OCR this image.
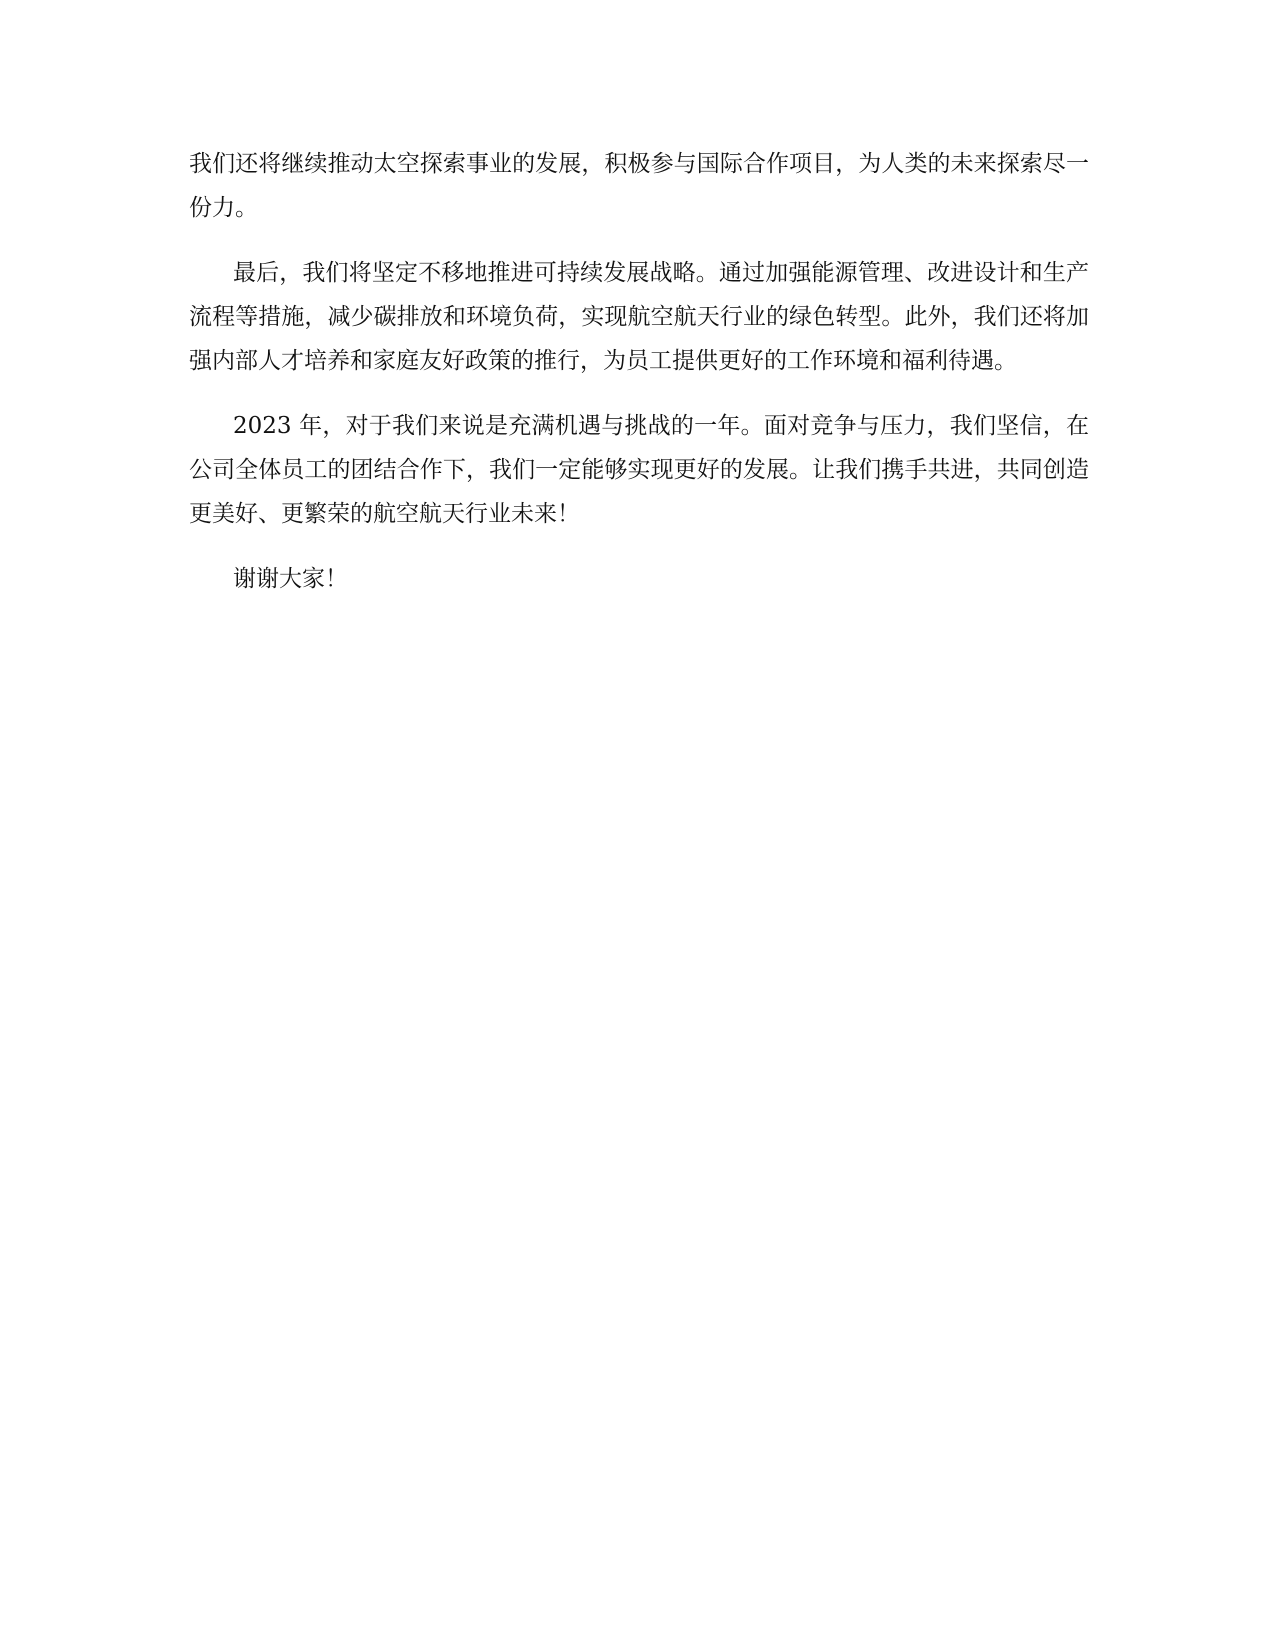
我们还将继续推动太空探索事业的发展，积极参与国际合作项目，为人类的未来探索尽一份力。

最后，我们将坚定不移地推进可持续发展战略。通过加强能源管理、改进设计和生产流程等措施，减少碳排放和环境负荷，实现航空航天行业的绿色转型。此外，我们还将加强内部人才培养和家庭友好政策的推行，为员工提供更好的工作环境和福利待遇。

2023 年，对于我们来说是充满机遇与挑战的一年。面对竞争与压力，我们坚信，在公司全体员工的团结合作下，我们一定能够实现更好的发展。让我们携手共进，共同创造更美好、更繁荣的航空航天行业未来！

谢谢大家！
